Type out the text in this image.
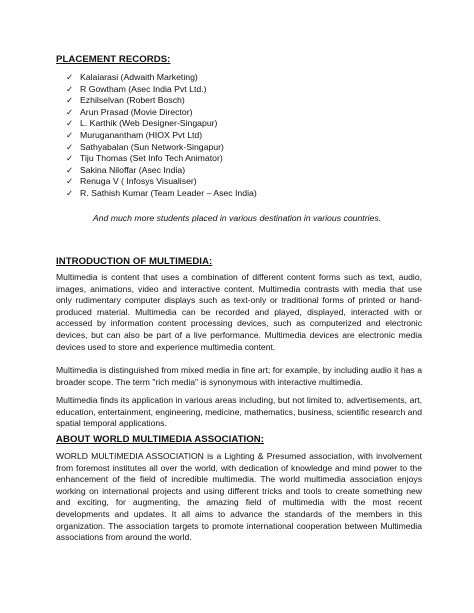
PLACEMENT RECORDS:
✓ Kalaiarasi (Adwaith Marketing)
✓ R Gowtham (Asec India Pvt Ltd.)
✓ Ezhilselvan (Robert Bosch)
✓ Arun Prasad (Movie Director)
✓ L. Karthik (Web Designer-Singapur)
✓ Muruganantham (HIOX Pvt Ltd)
✓ Sathyabalan (Sun Network-Singapur)
✓ Tiju Thomas (Set Info Tech Animator)
✓ Sakina Niloffar (Asec India)
✓ Renuga V ( Infosys Visualiser)
✓ R. Sathish Kumar (Team Leader – Asec India)
And much more students placed in various destination in various countries.
INTRODUCTION OF MULTIMEDIA:

Multimedia is content that uses a combination of different content forms such as text, audio, images, animations, video and interactive content. Multimedia contrasts with media that use only rudimentary computer displays such as text-only or traditional forms of printed or hand-produced material. Multimedia can be recorded and played, displayed, interacted with or accessed by information content processing devices, such as computerized and electronic devices, but can also be part of a live performance. Multimedia devices are electronic media devices used to store and experience multimedia content.

Multimedia is distinguished from mixed media in fine art; for example, by including audio it has a broader scope. The term "rich media" is synonymous with interactive multimedia.

Multimedia finds its application in various areas including, but not limited to, advertisements, art, education, entertainment, engineering, medicine, mathematics, business, scientific research and spatial temporal applications.

ABOUT WORLD MULTIMEDIA ASSOCIATION:

WORLD MULTIMEDIA ASSOCIATION is a Lighting & Presumed association, with involvement from foremost institutes all over the world, with dedication of knowledge and mind power to the enhancement of the field of incredible multimedia. The world multimedia association enjoys working on international projects and using different tricks and tools to create something new and exciting, for augmenting, the amazing field of multimedia with the most recent developments and updates. It all aims to advance the standards of the members in this organization. The association targets to promote international cooperation between Multimedia associations from around the world.
